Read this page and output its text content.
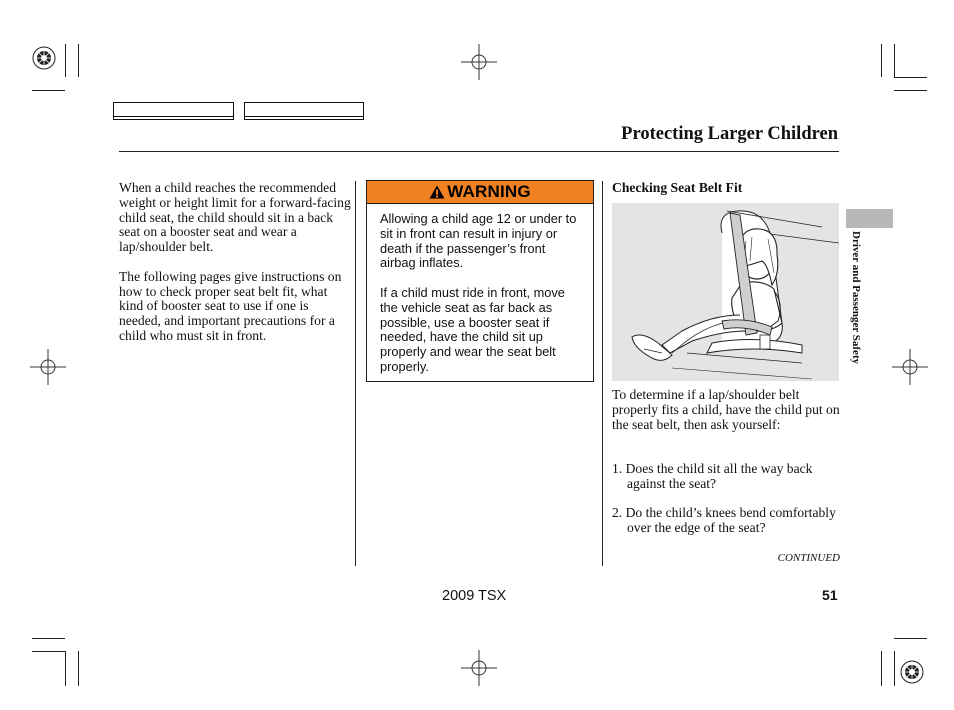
Protecting Larger Children

When a child reaches the recommended weight or height limit for a forward-facing child seat, the child should sit in a back seat on a booster seat and wear a lap/shoulder belt.

The following pages give instructions on how to check proper seat belt fit, what kind of booster seat to use if one is needed, and important precautions for a child who must sit in front.

WARNING

Allowing a child age 12 or under to sit in front can result in injury or death if the passenger’s front airbag inflates.

If a child must ride in front, move the vehicle seat as far back as possible, use a booster seat if needed, have the child sit up properly and wear the seat belt properly.

Checking Seat Belt Fit

To determine if a lap/shoulder belt properly fits a child, have the child put on the seat belt, then ask yourself:

1. Does the child sit all the way back against the seat?
2. Do the child’s knees bend comfortably over the edge of the seat?
CONTINUED
Driver and Passenger Safety
2009 TSX	51
